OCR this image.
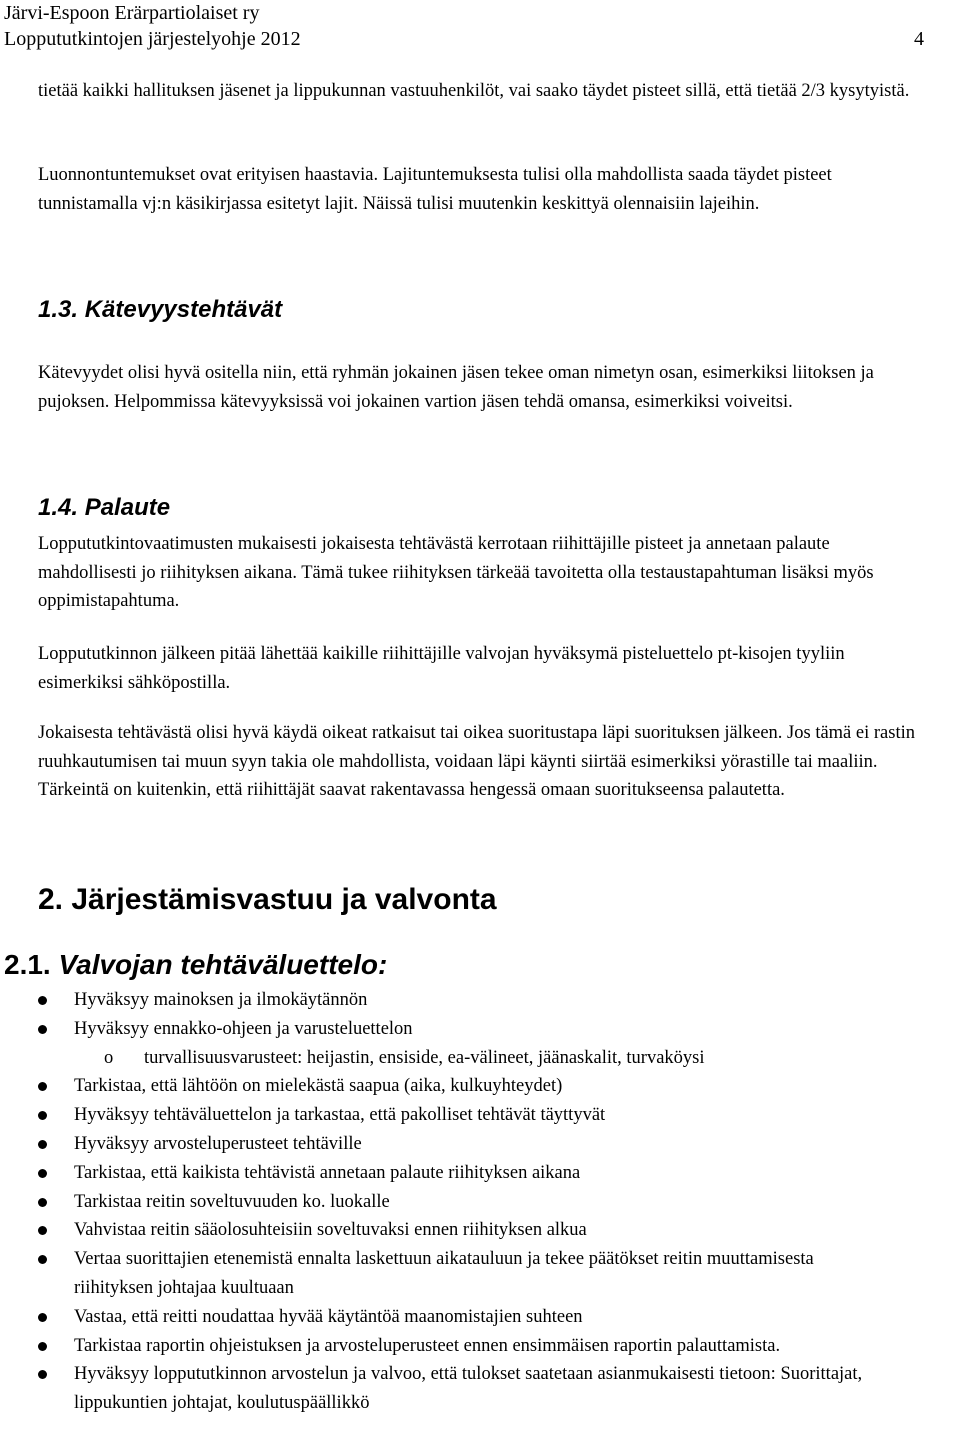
Järvi-Espoon Erärpartiolaiset ry
Loppututkintojen järjestelyohje 2012	4

tietää kaikki hallituksen jäsenet ja lippukunnan vastuuhenkilöt, vai saako täydet pisteet sillä, että tietää 2/3 kysytyistä.

Luonnontuntemukset ovat erityisen haastavia. Lajituntemuksesta tulisi olla mahdollista saada täydet pisteet tunnistamalla vj:n käsikirjassa esitetyt lajit. Näissä tulisi muutenkin keskittyä olennaisiin lajeihin.

1.3. Kätevyystehtävät

Kätevyydet olisi hyvä ositella niin, että ryhmän jokainen jäsen tekee oman nimetyn osan, esimerkiksi liitoksen ja pujoksen. Helpommissa kätevyyksissä voi jokainen vartion jäsen tehdä omansa, esimerkiksi voiveitsi.

1.4. Palaute

Loppututkintovaatimusten mukaisesti jokaisesta tehtävästä kerrotaan riihittäjille pisteet ja annetaan palaute mahdollisesti jo riihityksen aikana. Tämä tukee riihityksen tärkeää tavoitetta olla testaustapahtuman lisäksi myös oppimistapahtuma.

Loppututkinnon jälkeen pitää lähettää kaikille riihittäjille valvojan hyväksymä pisteluettelo pt-kisojen tyyliin esimerkiksi sähköpostilla.

Jokaisesta tehtävästä olisi hyvä käydä oikeat ratkaisut tai oikea suoritustapa läpi suorituksen jälkeen. Jos tämä ei rastin ruuhkautumisen tai muun syyn takia ole mahdollista, voidaan läpi käynti siirtää esimerkiksi yörastille tai maaliin. Tärkeintä on kuitenkin, että riihittäjät saavat rakentavassa hengessä omaan suoritukseensa palautetta.

2. Järjestämisvastuu ja valvonta
2.1. Valvojan tehtäväluettelo:
Hyväksyy mainoksen ja ilmokäytännön
Hyväksyy ennakko-ohjeen ja varusteluettelon
o turvallisuusvarusteet: heijastin, ensiside, ea-välineet, jäänaskalit, turvaköysi
Tarkistaa, että lähtöön on mielekästä saapua (aika, kulkuyhteydet)
Hyväksyy tehtäväluettelon ja tarkastaa, että pakolliset tehtävät täyttyvät
Hyväksyy arvosteluperusteet tehtäville
Tarkistaa, että kaikista tehtävistä annetaan palaute riihityksen aikana
Tarkistaa reitin soveltuvuuden ko. luokalle
Vahvistaa reitin sääolosuhteisiin soveltuvaksi ennen riihityksen alkua
Vertaa suorittajien etenemistä ennalta laskettuun aikatauluun ja tekee päätökset reitin muuttamisesta riihityksen johtajaa kuultuaan
Vastaa, että reitti noudattaa hyvää käytäntöä maanomistajien suhteen
Tarkistaa raportin ohjeistuksen ja arvosteluperusteet ennen ensimmäisen raportin palauttamista.
Hyväksyy loppututkinnon arvostelun ja valvoo, että tulokset saatetaan asianmukaisesti tietoon: Suorittajat, lippukuntien johtajat, koulutuspäällikkö
